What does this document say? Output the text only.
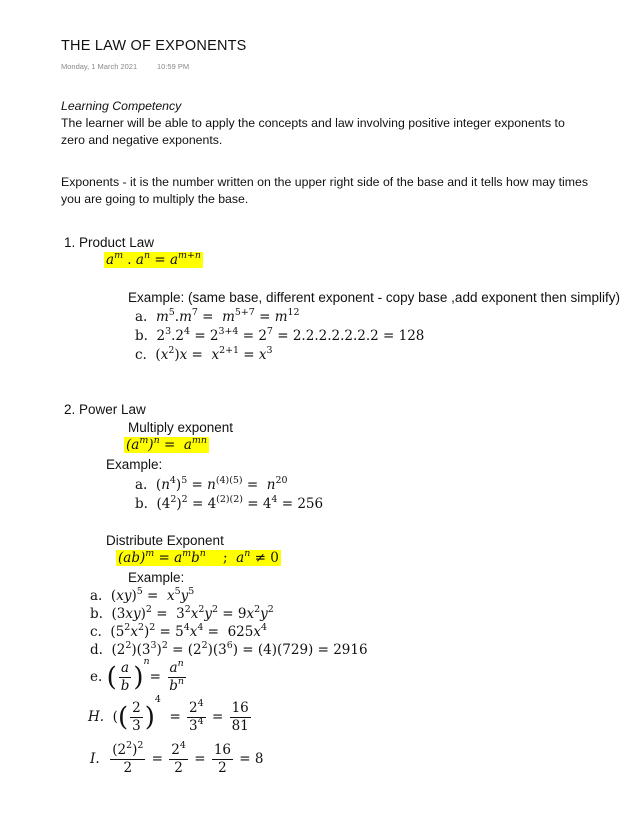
THE LAW OF EXPONENTS
Monday, 1 March 2021	10:59 PM
Learning Competency
The learner will be able to apply the concepts and law involving positive integer exponents to
zero and negative exponents.
Exponents - it is the number written on the upper right side of the base and it tells how may times
you are going to multiply the base.
1. Product Law
$a^m$ . $a^n = a^{m+n}$
Example: (same base, different exponent - copy base ,add exponent then simplify)
a.  $m^5.m^7 = m^{5+7} = m^{12}$
b.  $2^3.2^4 = 2^{3+4} = 2^7 = 2.2.2.2.2.2.2 = 128$
c.  $(x^2)x = x^{2+1} = x^3$
2. Power Law
Multiply exponent
$(a^m)^n = a^{mn}$
Example:
a.  $(n^4)^5 = n^{(4)(5)} = n^{20}$
b.  $(4^2)^2 = 4^{(2)(2)} = 4^4 = 256$
Distribute Exponent
$(ab)^m = a^mb^n$ ;  $a^n \ne 0$
Example:
a.  $(xy)^5 = x^5y^5$
b.  $(3xy)^2 = 3^2x^2y^2 = 9x^2y^2$
c.  $(5^2x^2)^2 = 5^4x^4 = 625x^4$
d.  $(2^2)(3^3)^2 = (2^2)(3^6) = (4)(729) = 2916$
e. ( $\frac{a}{b} )^n= \frac{a^n}{b^n}$
H.  (( $\frac{2}{3} )^4 = \frac{2^4}{3^4} = \frac{16}{81}$
I. $\frac{(2^2)^2}{2} = \frac{2^4}{2} = \frac{16}{2} = 8$
